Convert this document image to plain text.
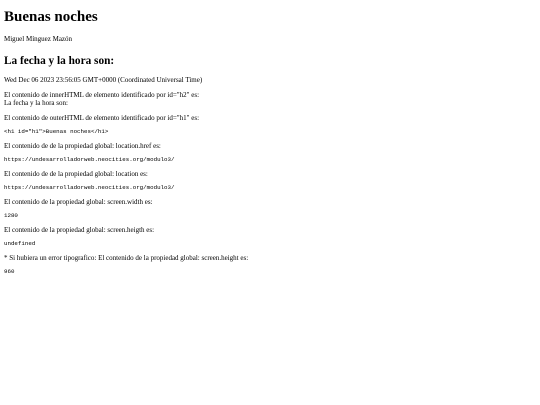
Buenas noches

Miguel Mínguez Mazón

La fecha y la hora son:

Wed Dec 06 2023 23:56:05 GMT+0000 (Coordinated Universal Time)

El contenido de innerHTML de elemento identificado por id="h2" es:

La fecha y la hora son:

El contenido de outerHTML de elemento identificado por id="h1" es:

<h1 id="h1">Buenas noches</h1>

El contenido de de la propiedad global: location.href es:

https://undesarrolladorweb.neocities.org/modulo3/

El contenido de de la propiedad global: location es:

https://undesarrolladorweb.neocities.org/modulo3/

El contenido de la propiedad global: screen.width es:

1280

El contenido de la propiedad global: screen.heigth es:

undefined

* Si hubiera un error tipografico: El contenido de la propiedad global: screen.height es:

960
